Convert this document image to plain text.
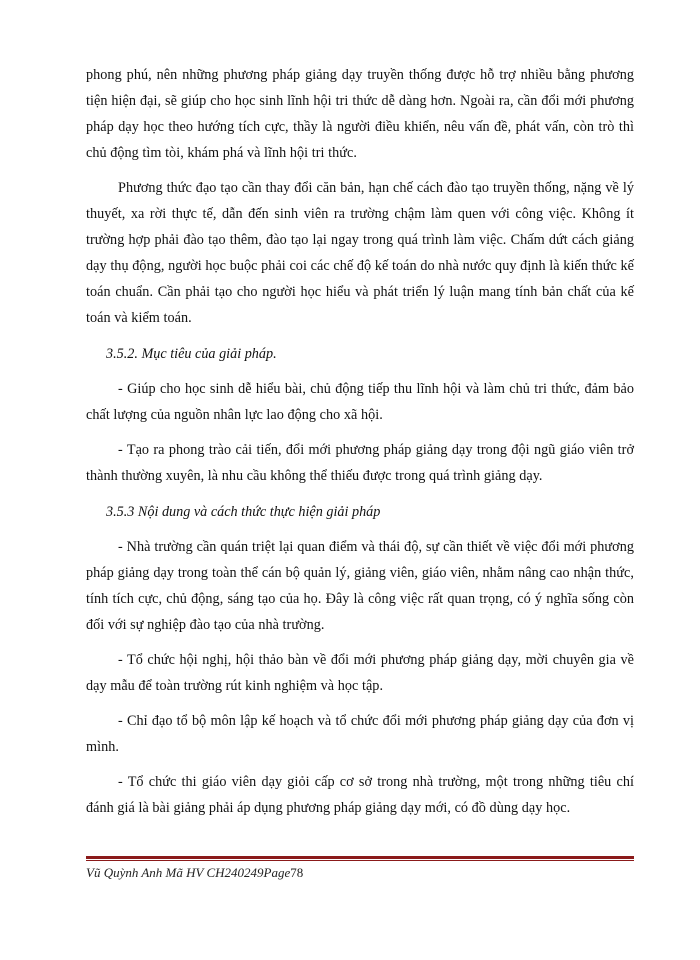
phong phú, nên những phương pháp giảng dạy truyền thống được hỗ trợ nhiều bằng phương tiện hiện đại, sẽ giúp cho học sinh lĩnh hội tri thức dễ dàng hơn. Ngoài ra, cần đổi mới phương pháp dạy học theo hướng tích cực, thầy là người điều khiển, nêu vấn đề, phát vấn, còn trò thì chủ động tìm tòi, khám phá và lĩnh hội tri thức.

Phương thức đạo tạo cần thay đổi căn bản, hạn chế cách đào tạo truyền thống, nặng về lý thuyết, xa rời thực tế, dẫn đến sinh viên ra trường chậm làm quen với công việc. Không ít trường hợp phải đào tạo thêm, đào tạo lại ngay trong quá trình làm việc. Chấm dứt cách giảng dạy thụ động, người học buộc phải coi các chế độ kế toán do nhà nước quy định là kiến thức kế toán chuẩn. Cần phải tạo cho người học hiểu và phát triển lý luận mang tính bản chất của kế toán và kiểm toán.

3.5.2. Mục tiêu của giải pháp.

- Giúp cho học sinh dễ hiểu bài, chủ động tiếp thu lĩnh hội và làm chủ tri thức, đảm bảo chất lượng của nguồn nhân lực lao động cho xã hội.

- Tạo ra phong trào cải tiến, đổi mới phương pháp giảng dạy trong đội ngũ giáo viên trở thành thường xuyên, là nhu cầu không thể thiếu được trong quá trình giảng dạy.

3.5.3 Nội dung và cách thức thực hiện giải pháp

- Nhà trường cần quán triệt lại quan điểm và thái độ, sự cần thiết về việc đổi mới phương pháp giảng dạy trong toàn thể cán bộ quản lý, giảng viên, giáo viên, nhằm nâng cao nhận thức, tính tích cực, chủ động, sáng tạo của họ. Đây là công việc rất quan trọng, có ý nghĩa sống còn đối với sự nghiệp đào tạo của nhà trường.

- Tổ chức hội nghị, hội thảo bàn về đổi mới phương pháp giảng dạy, mời chuyên gia về dạy mẫu để toàn trường rút kinh nghiệm và học tập.

- Chỉ đạo tổ bộ môn lập kế hoạch và tổ chức đổi mới phương pháp giảng dạy của đơn vị mình.

- Tổ chức thi giáo viên dạy giỏi cấp cơ sở trong nhà trường, một trong những tiêu chí đánh giá là bài giảng phải áp dụng phương pháp giảng dạy mới, có đồ dùng dạy học.

Vũ Quỳnh Anh Mã HV CH240249Page78
